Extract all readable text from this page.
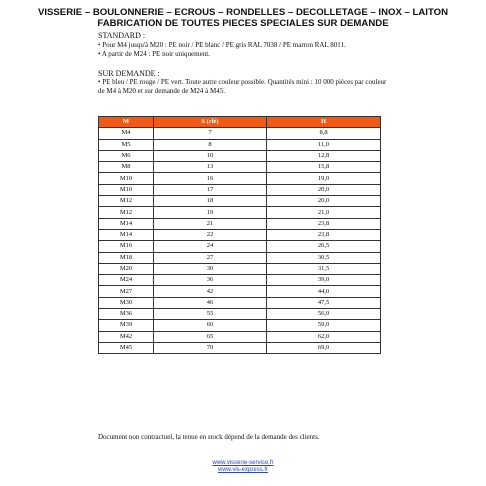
VISSERIE – BOULONNERIE – ECROUS – RONDELLES – DECOLLETAGE – INOX – LAITON
FABRICATION DE TOUTES PIECES SPECIALES SUR DEMANDE
STANDARD :
• Pour M4 jusqu'à M20 : PE noir / PE blanc / PE gris RAL 7038 / PE marron RAL 8011.
• A partir de M24 : PE noir uniquement.
SUR DEMANDE :
• PE bleu / PE rouge / PE vert. Toute autre couleur possible. Quantités mini : 10 000 pièces par couleur de M4 à M20 et sur demande de M24 à M45.
M	S (clé)	H
M4	7	8,8
M5	8	11,0
M6	10	12,8
M8	13	15,8
M10	16	19,0
M10	17	20,0
M12	18	20,0
M12	19	21,0
M14	21	23,8
M14	22	23,8
M16	24	26,5
M18	27	30,5
M20	30	31,5
M24	36	39,0
M27	42	44,0
M30	46	47,5
M36	55	56,0
M39	60	59,0
M42	65	62,0
M45	70	69,0
Document non contractuel, la tenue en stock dépend de la demande des clients.
www.visserie-service.fr
www.vis-express.fr
